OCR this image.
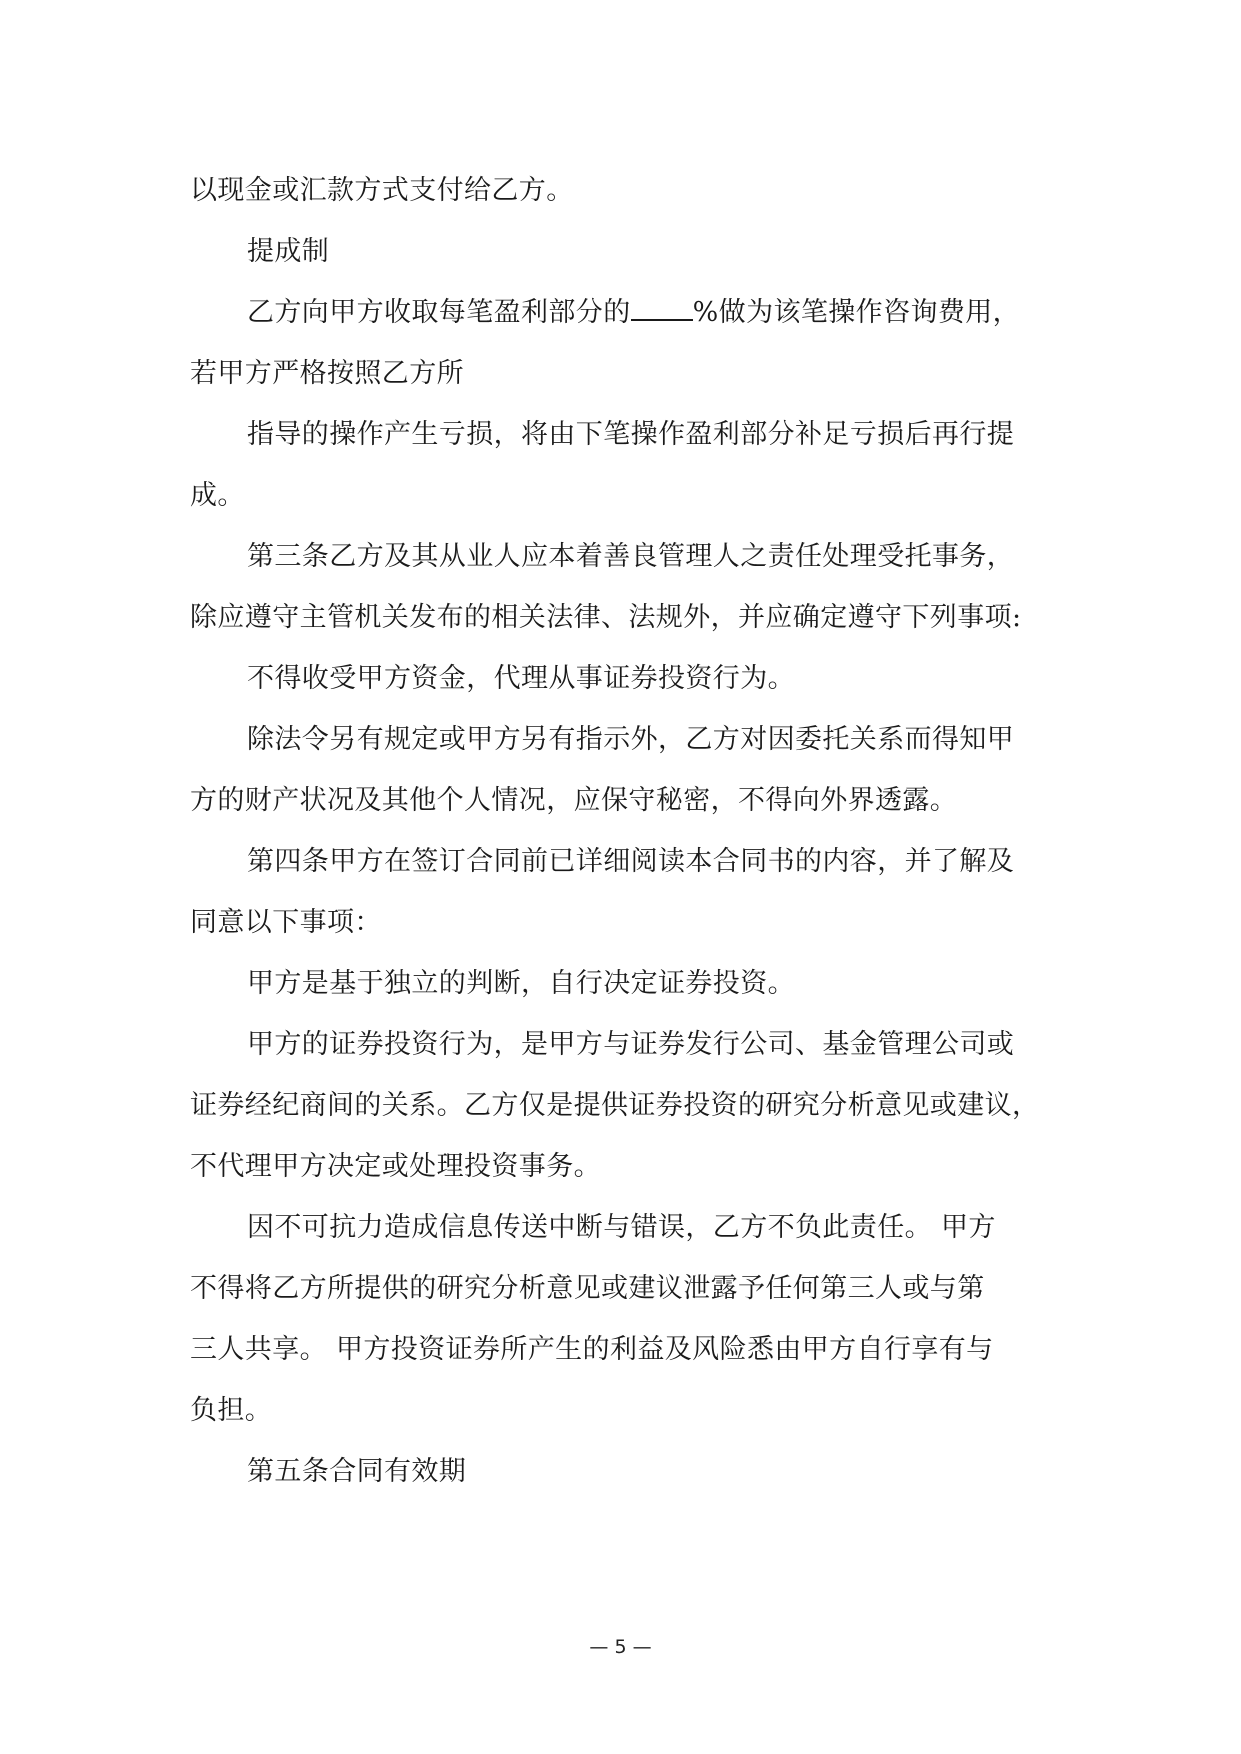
以现金或汇款方式支付给乙方。
提成制
乙方向甲方收取每笔盈利部分的 %做为该笔操作咨询费用，
若甲方严格按照乙方所
指导的操作产生亏损，将由下笔操作盈利部分补足亏损后再行提
成。
第三条乙方及其从业人应本着善良管理人之责任处理受托事务，
除应遵守主管机关发布的相关法律、法规外，并应确定遵守下列事项:
不得收受甲方资金，代理从事证券投资行为。
除法令另有规定或甲方另有指示外，乙方对因委托关系而得知甲
方的财产状况及其他个人情况，应保守秘密，不得向外界透露。
第四条甲方在签订合同前已详细阅读本合同书的内容，并了解及
同意以下事项：
甲方是基于独立的判断，自行决定证券投资。
甲方的证券投资行为，是甲方与证券发行公司、基金管理公司或
证券经纪商间的关系。乙方仅是提供证券投资的研究分析意见或建议，
不代理甲方决定或处理投资事务。
因不可抗力造成信息传送中断与错误，乙方不负此责任。 甲方
不得将乙方所提供的研究分析意见或建议泄露予任何第三人或与第
三人共享。 甲方投资证券所产生的利益及风险悉由甲方自行享有与
负担。
第五条合同有效期
— 5 —
